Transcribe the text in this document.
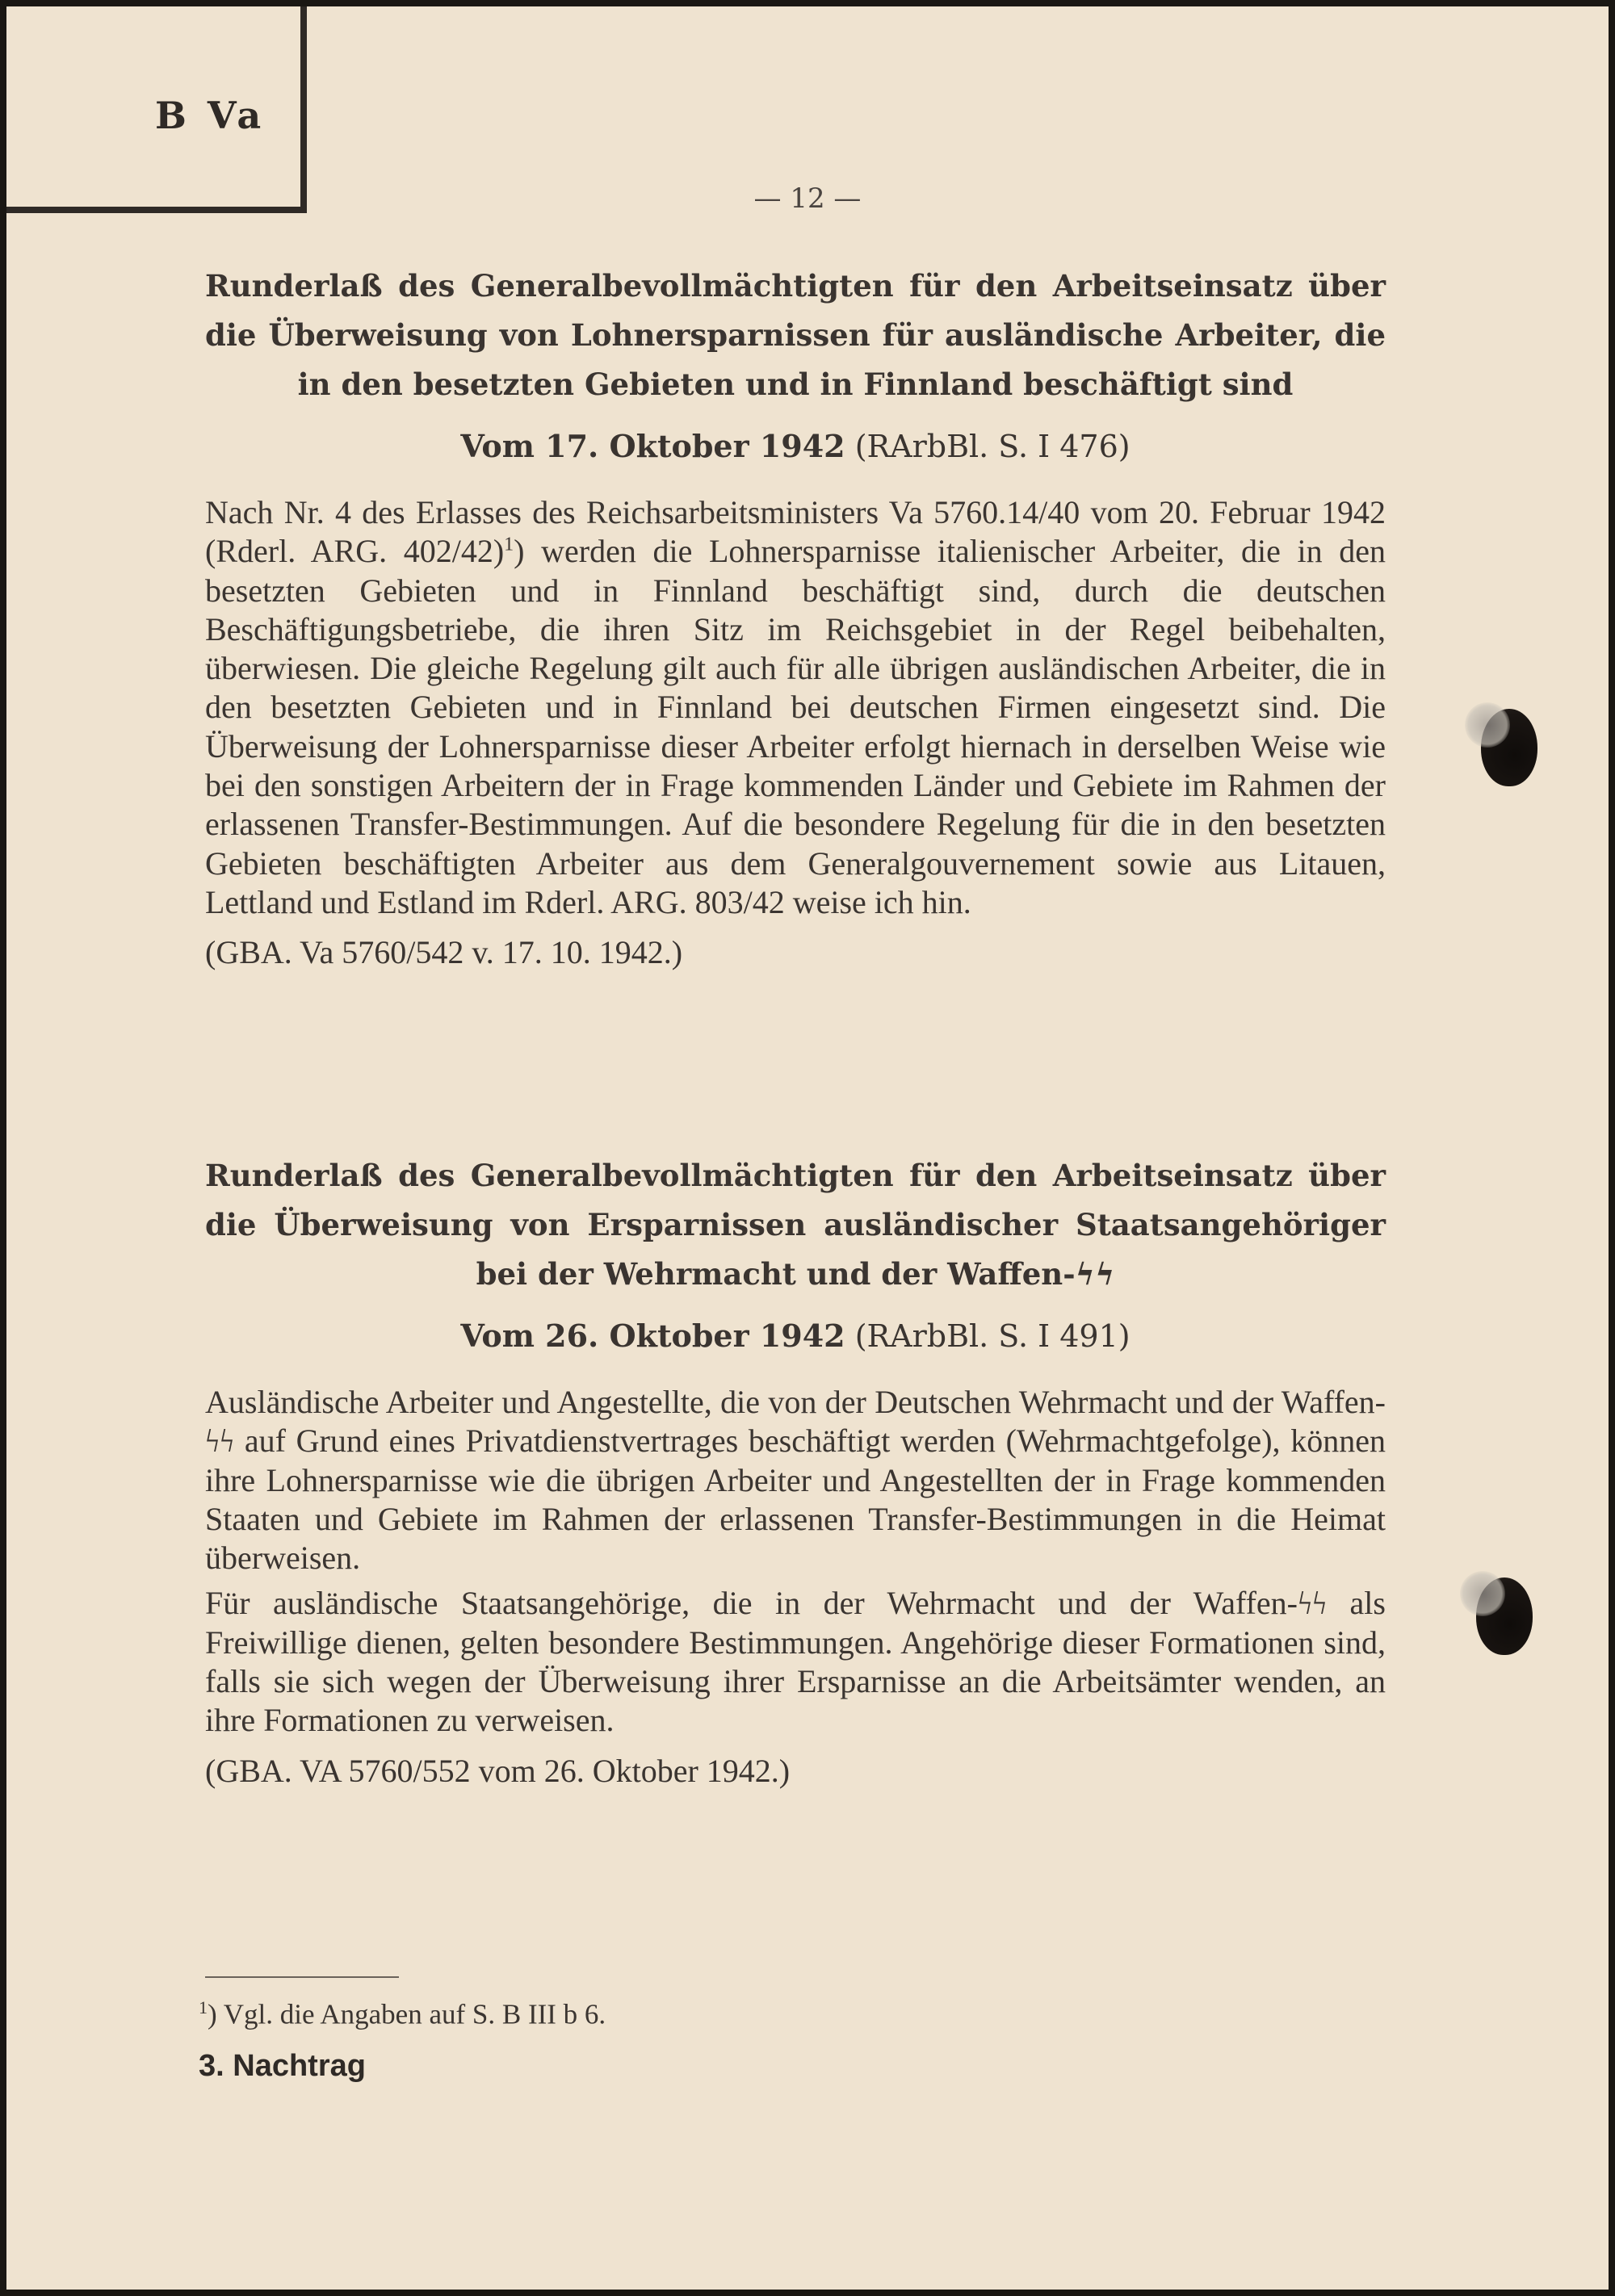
B Va
— 12 —

Runderlaß des Generalbevollmächtigten für den Arbeitseinsatz über die Überweisung von Lohnersparnissen für ausländische Arbeiter, die in den besetzten Gebieten und in Finnland beschäftigt sind

Vom 17. Oktober 1942 (RArbBl. S. I 476)

Nach Nr. 4 des Erlasses des Reichsarbeitsministers Va 5760.14/40 vom 20. Februar 1942 (Rderl. ARG. 402/42)$^1$) werden die Lohnersparnisse italienischer Arbeiter, die in den besetzten Gebieten und in Finnland beschäftigt sind, durch die deutschen Beschäftigungsbetriebe, die ihren Sitz im Reichsgebiet in der Regel beibehalten, überwiesen. Die gleiche Regelung gilt auch für alle übrigen ausländischen Arbeiter, die in den besetzten Gebieten und in Finnland bei deutschen Firmen eingesetzt sind. Die Überweisung der Lohnersparnisse dieser Arbeiter erfolgt hiernach in derselben Weise wie bei den sonstigen Arbeitern der in Frage kommenden Länder und Gebiete im Rahmen der erlassenen Transfer-Bestimmungen. Auf die besondere Regelung für die in den besetzten Gebieten beschäftigten Arbeiter aus dem Generalgouvernement sowie aus Litauen, Lettland und Estland im Rderl. ARG. 803/42 weise ich hin.

(GBA. Va 5760/542 v. 17. 10. 1942.)

Runderlaß des Generalbevollmächtigten für den Arbeitseinsatz über die Überweisung von Ersparnissen ausländischer Staatsangehöriger bei der Wehrmacht und der Waffen-ϟϟ

Vom 26. Oktober 1942 (RArbBl. S. I 491)

Ausländische Arbeiter und Angestellte, die von der Deutschen Wehrmacht und der Waffen-ϟϟ auf Grund eines Privatdienstvertrages beschäftigt werden (Wehrmachtgefolge), können ihre Lohnersparnisse wie die übrigen Arbeiter und Angestellten der in Frage kommenden Staaten und Gebiete im Rahmen der erlassenen Transfer-Bestimmungen in die Heimat überweisen.

Für ausländische Staatsangehörige, die in der Wehrmacht und der Waffen-ϟϟ als Freiwillige dienen, gelten besondere Bestimmungen. Angehörige dieser Formationen sind, falls sie sich wegen der Überweisung ihrer Ersparnisse an die Arbeitsämter wenden, an ihre Formationen zu verweisen.

(GBA. VA 5760/552 vom 26. Oktober 1942.)

$^1$) Vgl. die Angaben auf S. B III b 6.
3. Nachtrag
